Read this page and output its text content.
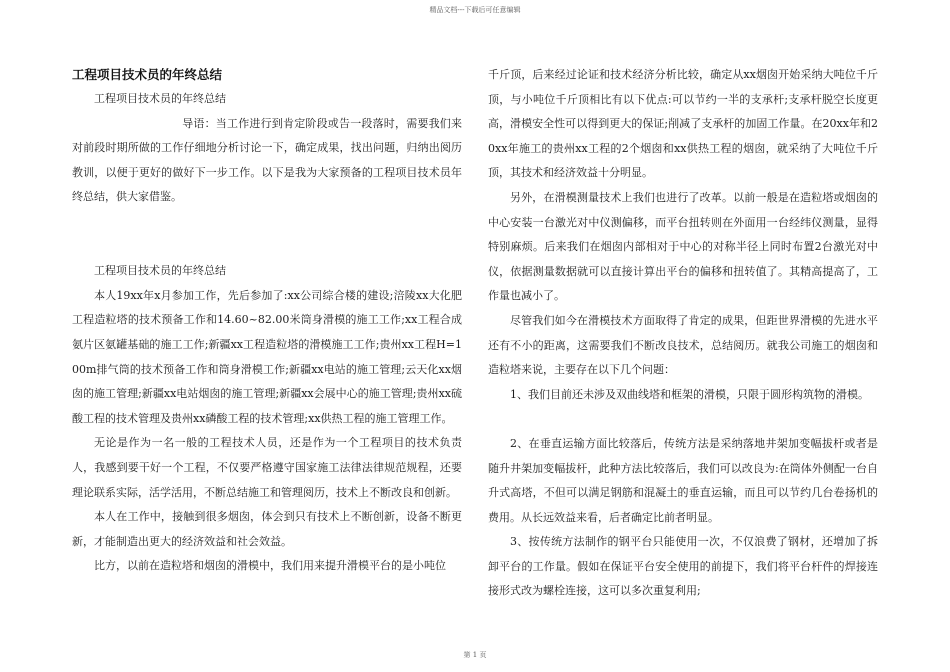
精品文档---下载后可任意编辑
工程项目技术员的年终总结

工程项目技术员的年终总结

导语：当工作进行到肯定阶段或告一段落时，需要我们来对前段时期所做的工作仔细地分析讨论一下，确定成果，找出问题，归纳出阅历教训，以便于更好的做好下一步工作。以下是我为大家预备的工程项目技术员年终总结，供大家借鉴。

工程项目技术员的年终总结

本人19xx年x月参加工作，先后参加了:xx公司综合楼的建设;涪陵xx大化肥工程造粒塔的技术预备工作和14.60~82.00米筒身滑模的施工工作;xx工程合成氨片区氨罐基础的施工工作;新疆xx工程造粒塔的滑模施工工作;贵州xx工程H=100m排气筒的技术预备工作和筒身滑模工作;新疆xx电站的施工管理;云天化xx烟囱的施工管理;新疆xx电站烟囱的施工管理;新疆xx会展中心的施工管理;贵州xx硫酸工程的技术管理及贵州xx磷酸工程的技术管理;xx供热工程的施工管理工作。

无论是作为一名一般的工程技术人员，还是作为一个工程项目的技术负责人，我感到要干好一个工程，不仅要严格遵守国家施工法律法律规范规程，还要理论联系实际，活学活用，不断总结施工和管理阅历，技术上不断改良和创新。

本人在工作中，接触到很多烟囱，体会到只有技术上不断创新，设备不断更新，才能制造出更大的经济效益和社会效益。

比方，以前在造粒塔和烟囱的滑模中，我们用来提升滑模平台的是小吨位

千斤顶，后来经过论证和技术经济分析比较，确定从xx烟囱开始采纳大吨位千斤顶，与小吨位千斤顶相比有以下优点:可以节约一半的支承杆;支承杆脱空长度更高，滑模安全性可以得到更大的保证;削减了支承杆的加固工作量。在20xx年和20xx年施工的贵州xx工程的2个烟囱和xx供热工程的烟囱，就采纳了大吨位千斤顶，其技术和经济效益十分明显。

另外，在滑模测量技术上我们也进行了改革。以前一般是在造粒塔或烟囱的中心安装一台激光对中仪测偏移，而平台扭转则在外面用一台经纬仪测量，显得特别麻烦。后来我们在烟囱内部相对于中心的对称半径上同时布置2台激光对中仪，依据测量数据就可以直接计算出平台的偏移和扭转值了。其精高提高了，工作量也减小了。

尽管我们如今在滑模技术方面取得了肯定的成果，但距世界滑模的先进水平还有不小的距离，这需要我们不断改良技术，总结阅历。就我公司施工的烟囱和造粒塔来说，主要存在以下几个问题：

1、我们目前还未涉及双曲线塔和框架的滑模，只限于圆形构筑物的滑模。

2、在垂直运输方面比较落后，传统方法是采纳落地井架加变幅拔杆或者是随升井架加变幅拔杆，此种方法比较落后，我们可以改良为:在筒体外侧配一台自升式高塔，不但可以满足钢筋和混凝土的垂直运输，而且可以节约几台卷扬机的费用。从长远效益来看，后者确定比前者明显。

3、按传统方法制作的钢平台只能使用一次，不仅浪费了钢材，还增加了拆卸平台的工作量。假如在保证平台安全使用的前提下，我们将平台杆件的焊接连接形式改为螺栓连接，这可以多次重复利用;

第 1 页
